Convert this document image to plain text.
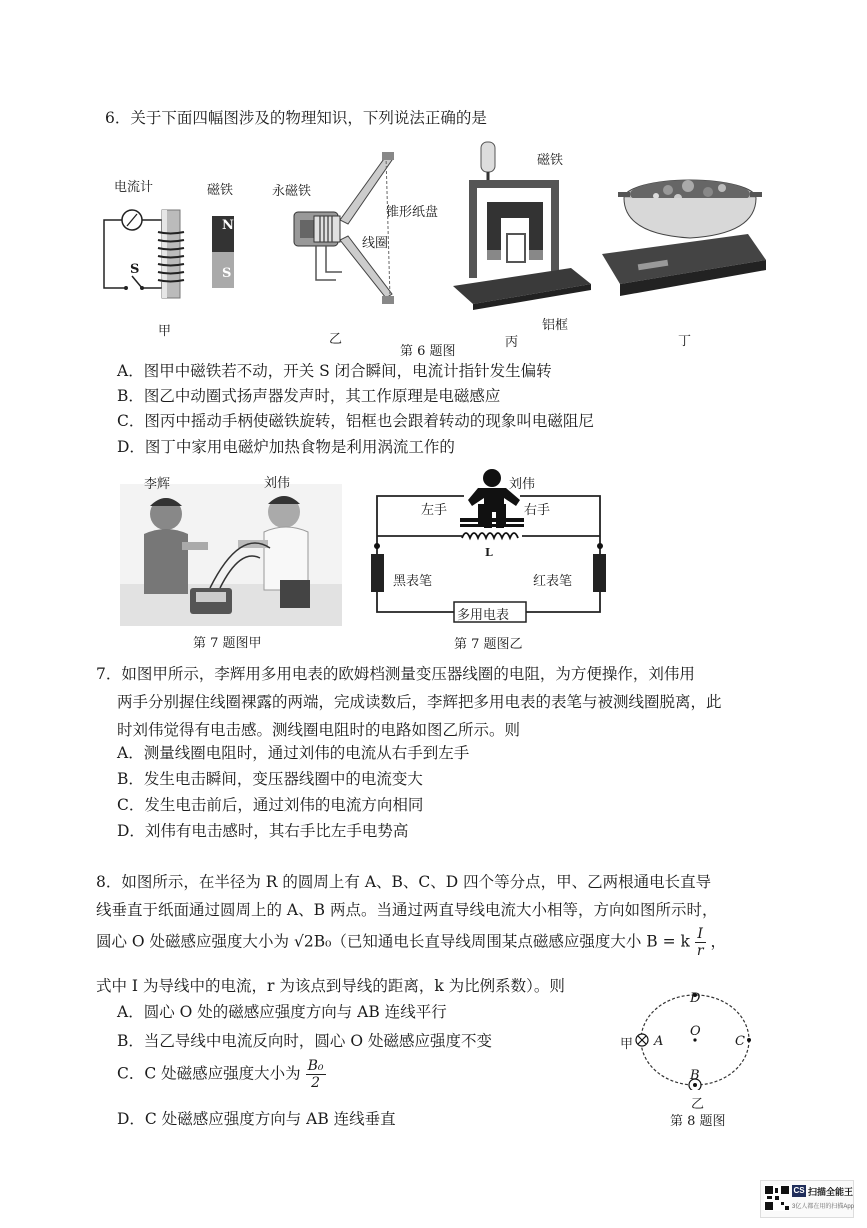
6．关于下面四幅图涉及的物理知识，下列说法正确的是
电流计	磁铁
N
S
S
甲
永磁铁
锥形纸盘
线圈
乙
第 6 题图
磁铁
铝框
丙	丁
A．图甲中磁铁若不动，开关 S 闭合瞬间，电流计指针发生偏转
B．图乙中动圈式扬声器发声时，其工作原理是电磁感应
C．图丙中摇动手柄使磁铁旋转，铝框也会跟着转动的现象叫电磁阻尼
D．图丁中家用电磁炉加热食物是利用涡流工作的
李辉	刘伟
第 7 题图甲
刘伟
左手	右手
L
黑表笔	红表笔
多用电表
第 7 题图乙
7．如图甲所示，李辉用多用电表的欧姆档测量变压器线圈的电阻，为方便操作，刘伟用
两手分别握住线圈裸露的两端，完成读数后，李辉把多用电表的表笔与被测线圈脱离，此
时刘伟觉得有电击感。测线圈电阻时的电路如图乙所示。则
A．测量线圈电阻时，通过刘伟的电流从右手到左手
B．发生电击瞬间，变压器线圈中的电流变大
C．发生电击前后，通过刘伟的电流方向相同
D．刘伟有电击感时，其右手比左手电势高
8．如图所示，在半径为 R 的圆周上有 A、B、C、D 四个等分点，甲、乙两根通电长直导
线垂直于纸面通过圆周上的 A、B 两点。当通过两直导线电流大小相等，方向如图所示时，
圆心 O 处磁感应强度大小为 √2B₀（已知通电长直导线周围某点磁感应强度大小 B = k $\frac{I}{r}$ ，
式中 I 为导线中的电流，r 为该点到导线的距离，k 为比例系数）。则
A．圆心 O 处的磁感应强度方向与 AB 连线平行
B．当乙导线中电流反向时，圆心 O 处磁感应强度不变
C．C 处磁感应强度大小为 $\frac{\text{B₀}}{2}$
D．C 处磁感应强度方向与 AB 连线垂直
D
O
甲 A	C
B
乙
第 8 题图
CS 扫描全能王
3亿人都在用的扫描App
